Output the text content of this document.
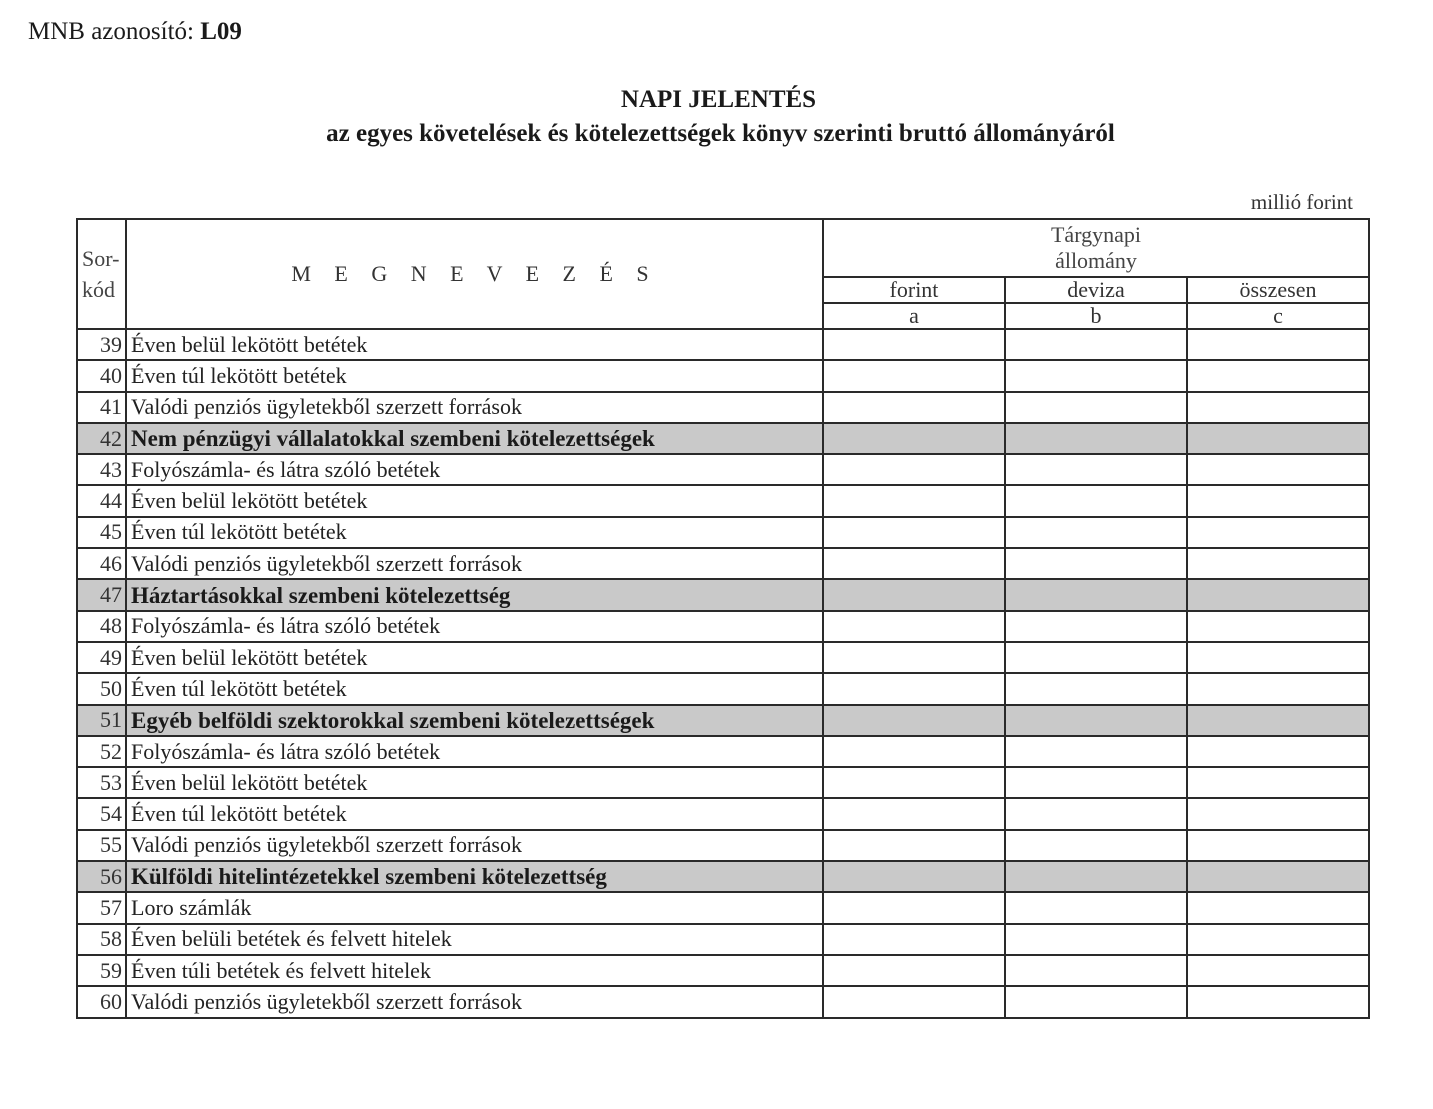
MNB azonosító: L09
NAPI JELENTÉS
az egyes követelések és kötelezettségek könyv szerinti bruttó állományáról
millió forint
Sor-
kód	M E G N E V E Z É S	Tárgynapi
állomány		
		forint	deviza	összesen
		a	b	c
39	Éven belül lekötött betétek			
40	Éven túl lekötött betétek			
41	Valódi penziós ügyletekből szerzett források			
42	Nem pénzügyi vállalatokkal szembeni kötelezettségek			
43	Folyószámla- és látra szóló betétek			
44	Éven belül lekötött betétek			
45	Éven túl lekötött betétek			
46	Valódi penziós ügyletekből szerzett források			
47	Háztartásokkal szembeni kötelezettség			
48	Folyószámla- és látra szóló betétek			
49	Éven belül lekötött betétek			
50	Éven túl lekötött betétek			
51	Egyéb belföldi szektorokkal szembeni kötelezettségek			
52	Folyószámla- és látra szóló betétek			
53	Éven belül lekötött betétek			
54	Éven túl lekötött betétek			
55	Valódi penziós ügyletekből szerzett források			
56	Külföldi hitelintézetekkel szembeni kötelezettség			
57	Loro számlák			
58	Éven belüli betétek és felvett hitelek			
59	Éven túli betétek és felvett hitelek			
60	Valódi penziós ügyletekből szerzett források			
